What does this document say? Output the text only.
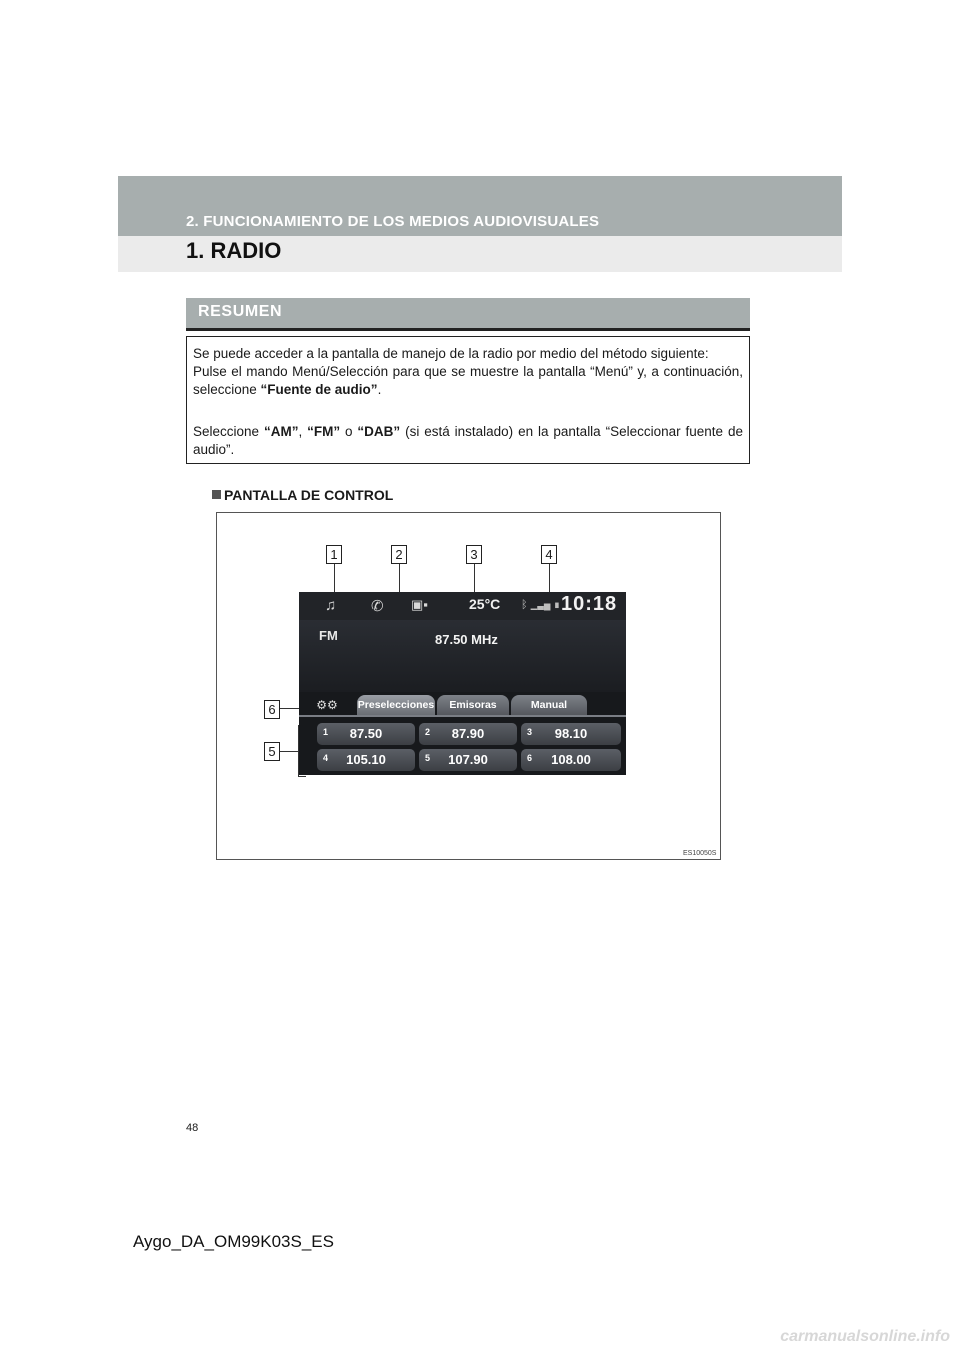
2. FUNCIONAMIENTO DE LOS MEDIOS AUDIOVISUALES
1. RADIO
RESUMEN
Se puede acceder a la pantalla de manejo de la radio por medio del método siguiente:
Pulse el mando Menú/Selección para que se muestre la pantalla “Menú” y, a continuación, seleccione “Fuente de audio”.
Seleccione “AM”, “FM” o “DAB” (si está instalado) en la pantalla “Seleccionar fuente de audio”.
PANTALLA DE CONTROL
1	2	3	4
6
5
♫ ✆ ▣▪	25°C ᛒ ▁▃▅ ▮ 10:18
FM	87.50 MHz
⚙⚙	Preselecciones	Emisoras	Manual
1	87.50	2	87.90	3	98.10
4	105.10	5	107.90	6	108.00
ES10050S
48
Aygo_DA_OM99K03S_ES
carmanualsonline.info
